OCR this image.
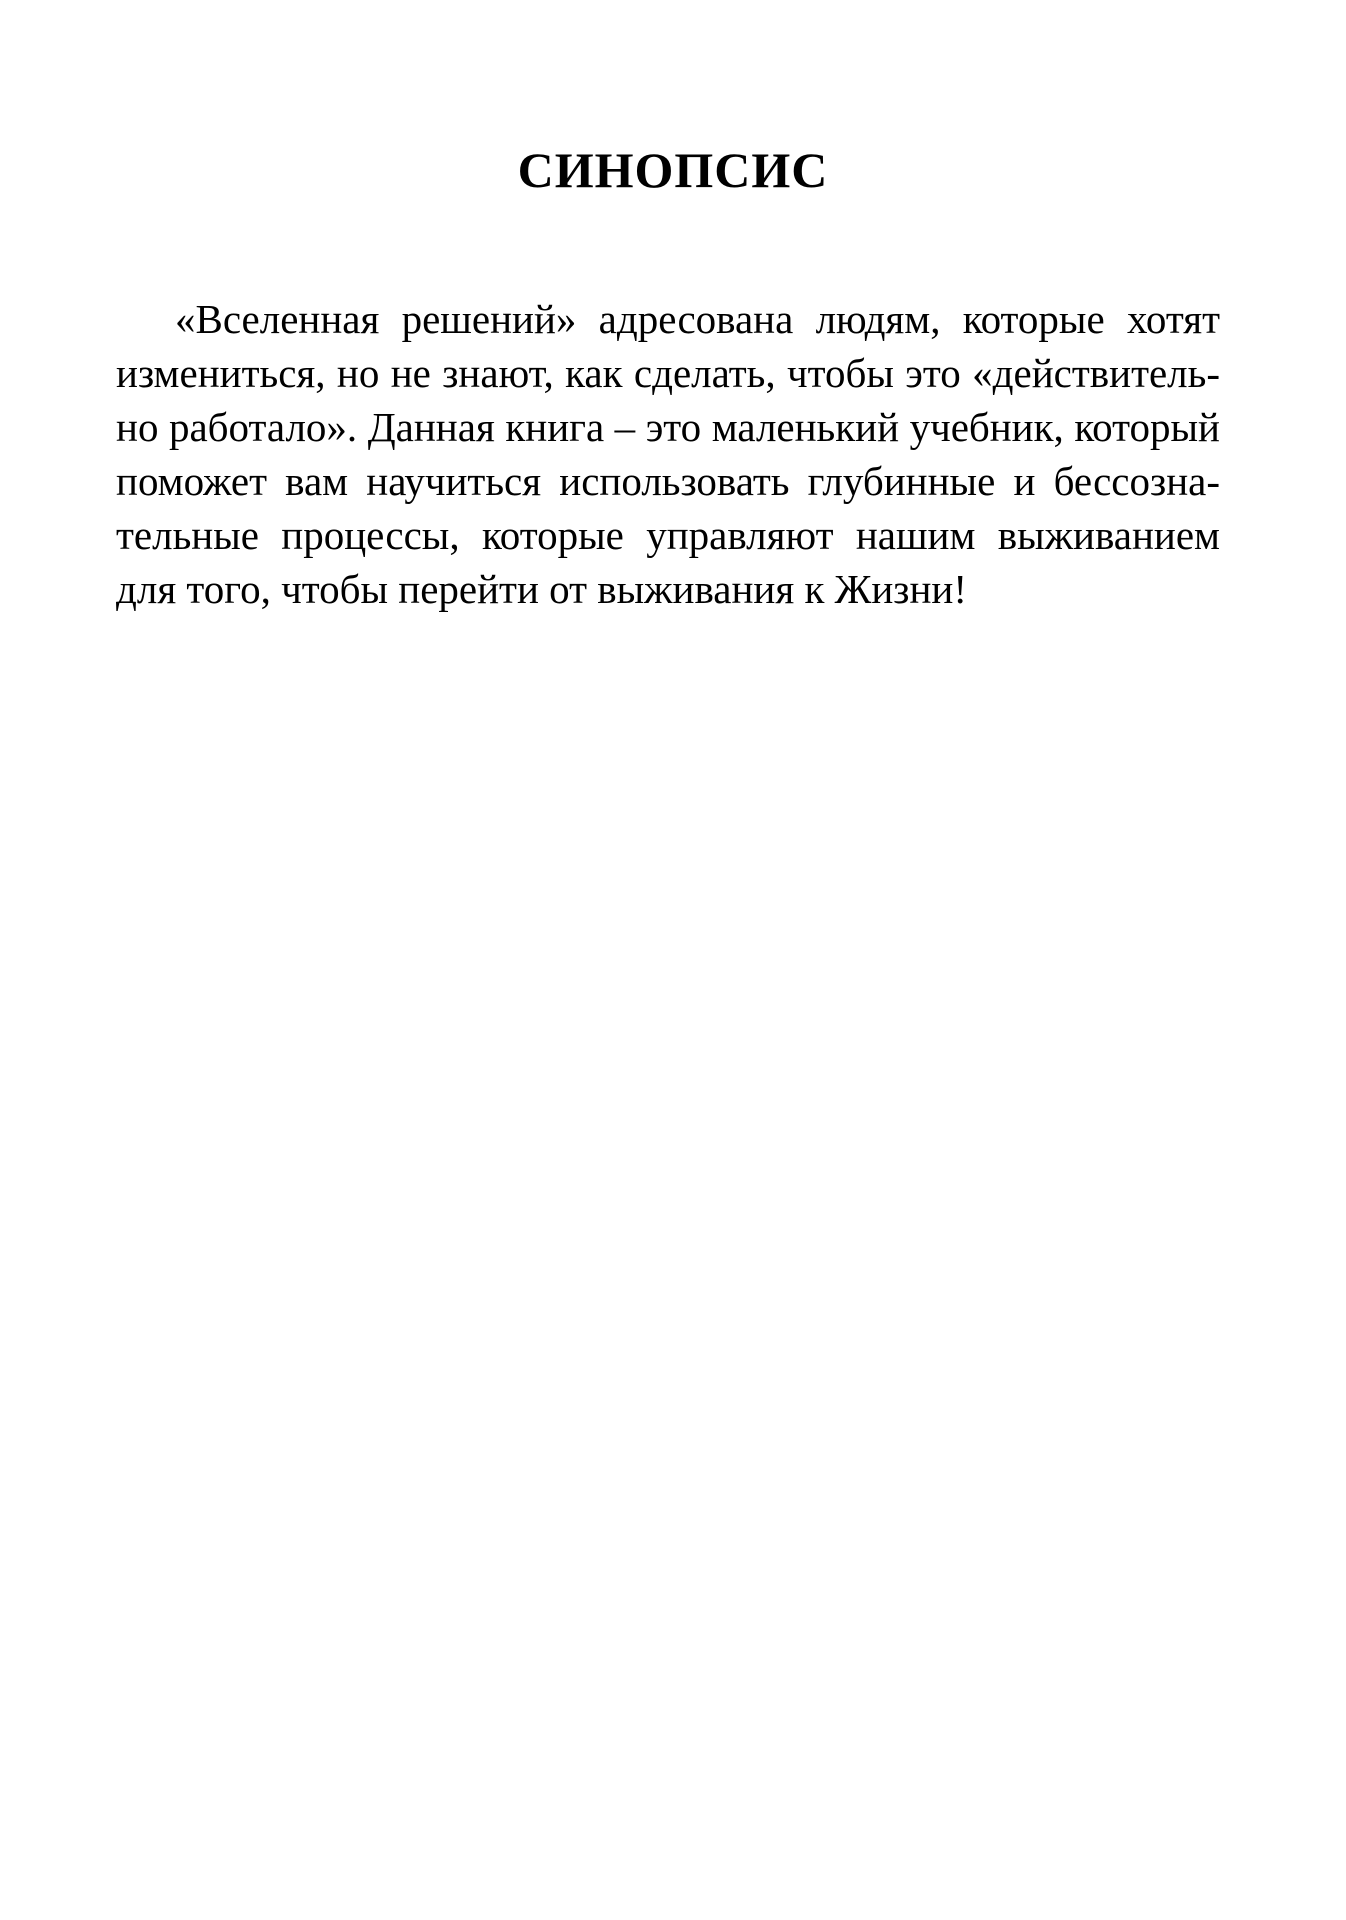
СИНОПСИС
«Вселенная решений» адресована людям, которые хотят
измениться, но не знают, как сделать, чтобы это «действитель-
но работало». Данная книга – это маленький учебник, который
поможет вам научиться использовать глубинные и бессозна-
тельные процессы, которые управляют нашим выживанием
для того, чтобы перейти от выживания к Жизни!
